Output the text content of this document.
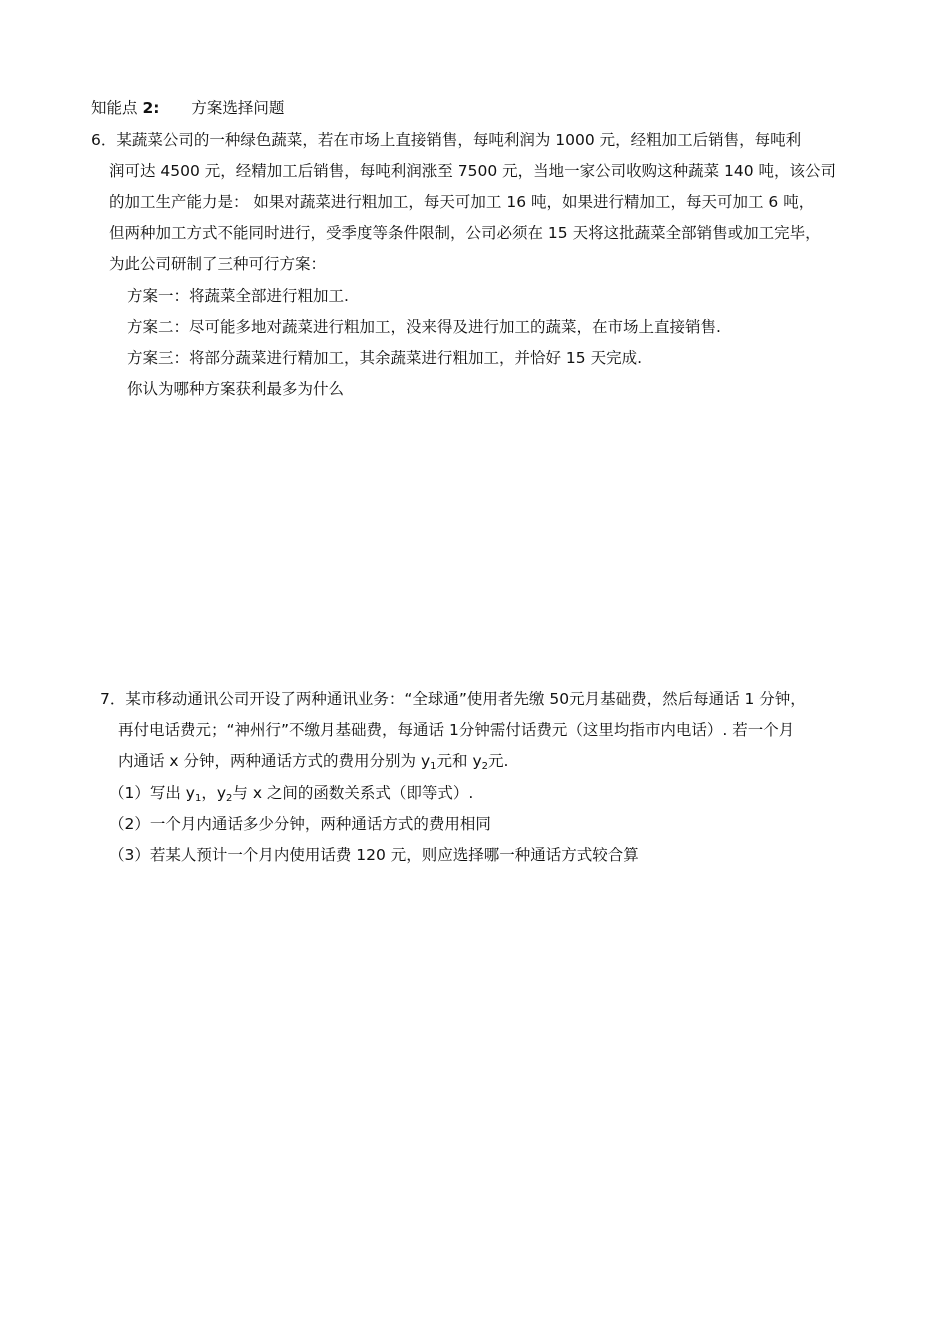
知能点 2: 方案选择问题
6．某蔬菜公司的一种绿色蔬菜，若在市场上直接销售，每吨利润为 1000 元，经粗加工后销售，每吨利
润可达 4500 元，经精加工后销售，每吨利润涨至 7500 元，当地一家公司收购这种蔬菜 140 吨，该公司
的加工生产能力是： 如果对蔬菜进行粗加工，每天可加工 16 吨，如果进行精加工，每天可加工 6 吨，
但两种加工方式不能同时进行，受季度等条件限制，公司必须在 15 天将这批蔬菜全部销售或加工完毕，
为此公司研制了三种可行方案：
方案一：将蔬菜全部进行粗加工.
方案二：尽可能多地对蔬菜进行粗加工，没来得及进行加工的蔬菜，在市场上直接销售.
方案三：将部分蔬菜进行精加工，其余蔬菜进行粗加工，并恰好 15 天完成.
你认为哪种方案获利最多为什么
7．某市移动通讯公司开设了两种通讯业务：“全球通”使用者先缴 50元月基础费，然后每通话 1 分钟，
再付电话费元；“神州行”不缴月基础费，每通话 1分钟需付话费元（这里均指市内电话）. 若一个月
内通话 x 分钟，两种通话方式的费用分别为 $y_1$元和 $y_2$元.
（1）写出 $y_1$，$y_2$与 x 之间的函数关系式（即等式）.
（2）一个月内通话多少分钟，两种通话方式的费用相同
（3）若某人预计一个月内使用话费 120 元，则应选择哪一种通话方式较合算
